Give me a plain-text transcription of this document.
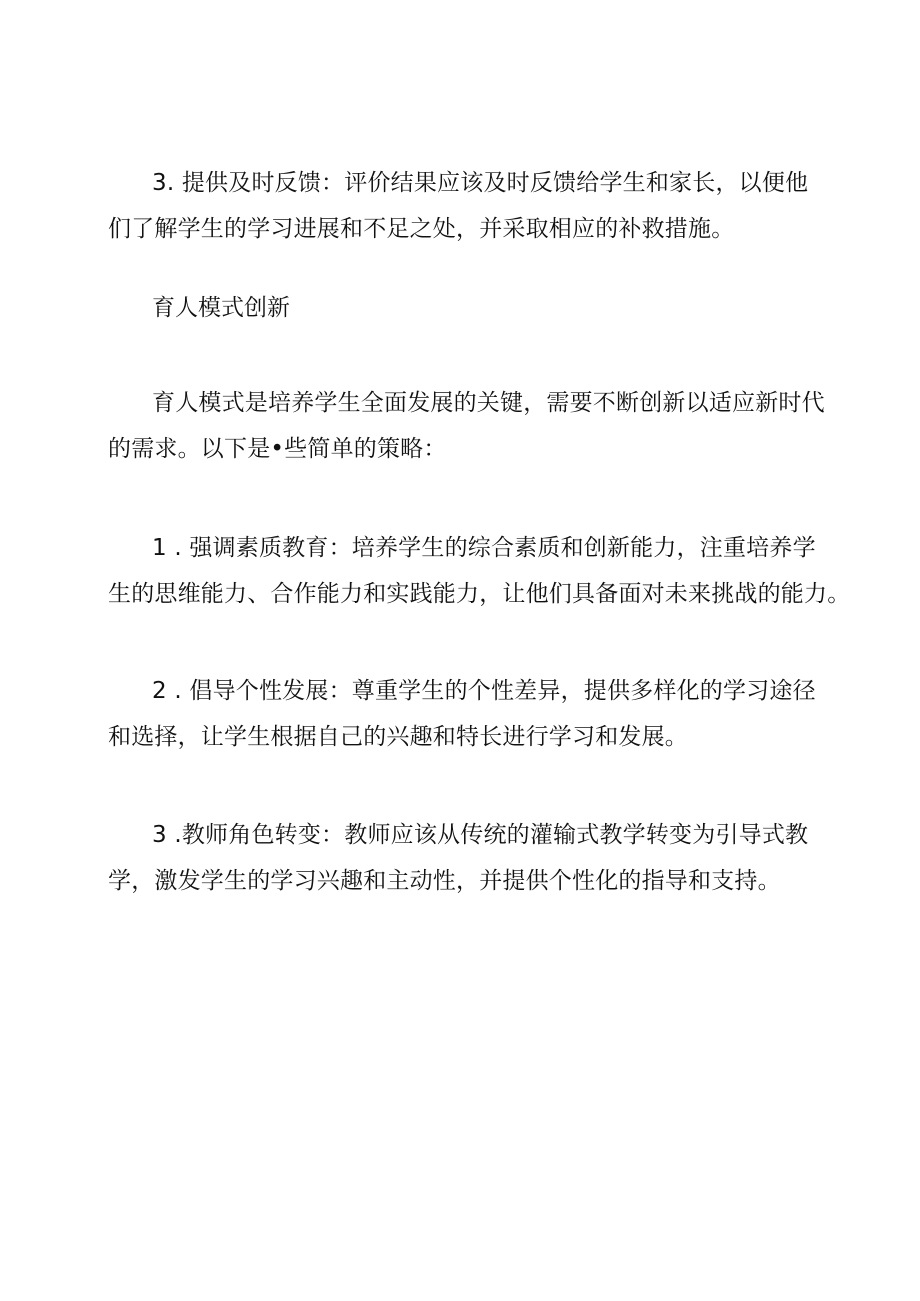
3. 提供及时反馈：评价结果应该及时反馈给学生和家长，以便他
们了解学生的学习进展和不足之处，并采取相应的补救措施。

育人模式创新

育人模式是培养学生全面发展的关键，需要不断创新以适应新时代
的需求。以下是•些简单的策略：

1 . 强调素质教育：培养学生的综合素质和创新能力，注重培养学
生的思维能力、合作能力和实践能力，让他们具备面对未来挑战的能力。

2 . 倡导个性发展：尊重学生的个性差异，提供多样化的学习途径
和选择，让学生根据自己的兴趣和特长进行学习和发展。

3 .教师角色转变：教师应该从传统的灌输式教学转变为引导式教
学，激发学生的学习兴趣和主动性，并提供个性化的指导和支持。
